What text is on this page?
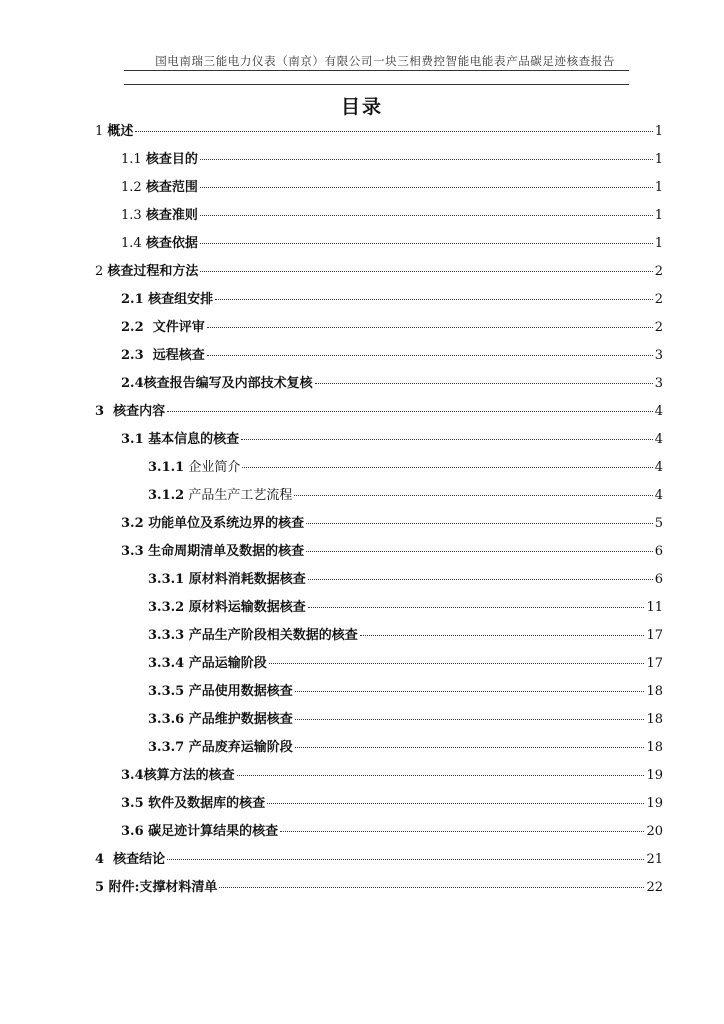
国电南瑞三能电力仪表（南京）有限公司一块三相费控智能电能表产品碳足迹核查报告
目录
1 概述	1
1.1 核查目的	1
1.2 核查范围	1
1.3 核查准则	1
1.4 核查依据	1
2 核查过程和方法	2
2.1 核查组安排	2
2.2 文件评审	2
2.3 远程核查	3
2.4核查报告编写及内部技术复核	3
3 核查内容	4
3.1 基本信息的核查	4
3.1.1 企业简介	4
3.1.2 产品生产工艺流程	4
3.2 功能单位及系统边界的核查	5
3.3 生命周期清单及数据的核查	6
3.3.1 原材料消耗数据核查	6
3.3.2 原材料运输数据核查	11
3.3.3 产品生产阶段相关数据的核查	17
3.3.4 产品运输阶段	17
3.3.5 产品使用数据核查	18
3.3.6 产品维护数据核查	18
3.3.7 产品废弃运输阶段	18
3.4核算方法的核查	19
3.5 软件及数据库的核查	19
3.6 碳足迹计算结果的核查	20
4 核查结论	21
5 附件:支撑材料清单	22
